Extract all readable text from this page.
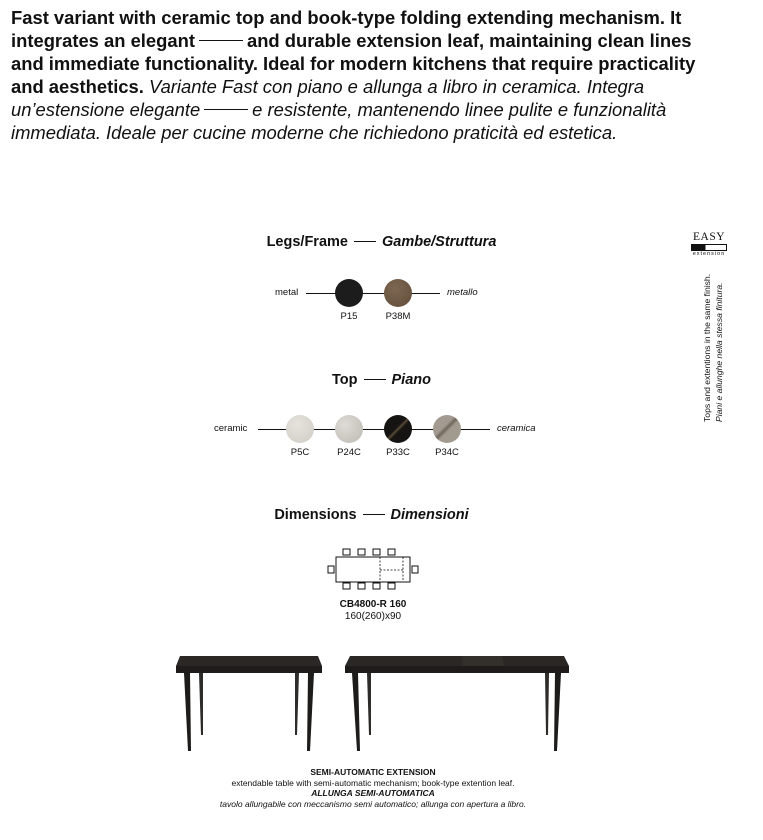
Fast variant with ceramic top and book-type folding extending mechanism. It integrates an elegant	and durable extension leaf, maintaining clean lines and immediate functionality. Ideal for modern kitchens that require practicality and aesthetics. Variante Fast con piano e allunga a libro in ceramica. Integra un’estensione elegante	e resistente, mantenendo linee pulite e funzionalità immediata. Ideale per cucine moderne che richiedono praticità ed estetica.
Legs/Frame Gambe/Struttura
metal	metallo
P15	P38M
Top Piano
ceramic	ceramica
P5C	P24C	P33C	P34C
Dimensions Dimensioni
CB4800-R 160
160(260)x90
EASY
extension
Tops and extentions in the same finish. Piani e allunghe nella stessa finitura.
SEMI-AUTOMATIC EXTENSION
extendable table with semi-automatic mechanism; book-type extention leaf.
ALLUNGA SEMI-AUTOMATICA
tavolo allungabile con meccanismo semi automatico; allunga con apertura a libro.
